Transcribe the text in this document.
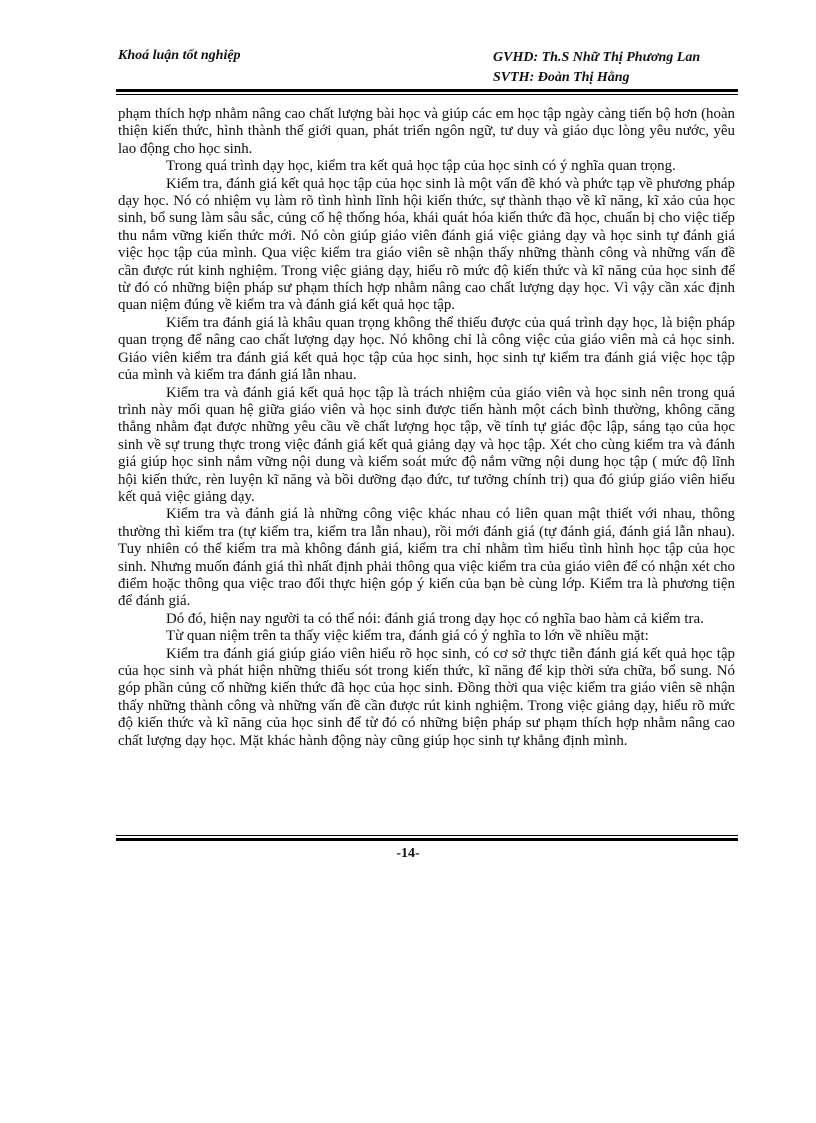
Khoá luận tốt nghiệp	GVHD: Th.S Nhữ Thị Phương Lan
SVTH: Đoàn Thị Hằng

phạm thích hợp nhằm nâng cao chất lượng bài học và giúp các em học tập ngày càng tiến bộ hơn (hoàn thiện kiến thức, hình thành thế giới quan, phát triển ngôn ngữ, tư duy và giáo dục lòng yêu nước, yêu lao động cho học sinh.

Trong quá trình dạy học, kiểm tra kết quả học tập của học sinh có ý nghĩa quan trọng.

Kiểm tra, đánh giá kết quả học tập của học sinh là một vấn đề khó và phức tạp về phương pháp dạy học. Nó có nhiệm vụ làm rõ tình hình lĩnh hội kiến thức, sự thành thạo về kĩ năng, kĩ xảo của học sinh, bổ sung làm sâu sắc, củng cố hệ thống hóa, khái quát hóa kiến thức đã học, chuẩn bị cho việc tiếp thu nắm vững kiến thức mới. Nó còn giúp giáo viên đánh giá việc giảng dạy và học sinh tự đánh giá việc học tập của mình. Qua việc kiểm tra giáo viên sẽ nhận thấy những thành công và những vấn đề cần được rút kinh nghiệm. Trong việc giảng dạy, hiểu rõ mức độ kiến thức và kĩ năng của học sinh để từ đó có những biện pháp sư phạm thích hợp nhằm nâng cao chất lượng dạy học. Vì vậy cần xác định quan niệm đúng về kiểm tra và đánh giá kết quả học tập.

Kiểm tra đánh giá là khâu quan trọng không thể thiếu được của quá trình dạy học, là biện pháp quan trọng để nâng cao chất lượng dạy học. Nó không chỉ là công việc của giáo viên mà cả học sinh. Giáo viên kiểm tra đánh giá kết quả học tập của học sinh, học sinh tự kiểm tra đánh giá việc học tập của mình và kiểm tra đánh giá lẫn nhau.

Kiểm tra và đánh giá kết quả học tập là trách nhiệm của giáo viên và học sinh nên trong quá trình này mối quan hệ giữa giáo viên và học sinh được tiến hành một cách bình thường, không căng thẳng nhằm đạt được những yêu cầu về chất lượng học tập, về tính tự giác độc lập, sáng tạo của học sinh về sự trung thực trong việc đánh giá kết quả giảng dạy và học tập. Xét cho cùng kiểm tra và đánh giá giúp học sinh nắm vững nội dung và kiểm soát mức độ nắm vững nội dung học tập ( mức độ lĩnh hội kiến thức, rèn luyện kĩ năng và bồi dưỡng đạo đức, tư tưởng chính trị) qua đó giúp giáo viên hiểu kết quả việc giảng dạy.

Kiểm tra và đánh giá là những công việc khác nhau có liên quan mật thiết với nhau, thông thường thì kiểm tra (tự kiểm tra, kiểm tra lẫn nhau), rồi mới đánh giá (tự đánh giá, đánh giá lẫn nhau). Tuy nhiên có thể kiểm tra mà không đánh giá, kiểm tra chỉ nhằm tìm hiểu tình hình học tập của học sinh. Nhưng muốn đánh giá thì nhất định phải thông qua việc kiểm tra của giáo viên để có nhận xét cho điểm hoặc thông qua việc trao đổi thực hiện góp ý kiến của bạn bè cùng lớp. Kiểm tra là phương tiện để đánh giá.

Dó đó, hiện nay người ta có thể nói: đánh giá trong dạy học có nghĩa bao hàm cả kiểm tra.

Từ quan niệm trên ta thấy việc kiểm tra, đánh giá có ý nghĩa to lớn về nhiều mặt:

Kiểm tra đánh giá giúp giáo viên hiểu rõ học sinh, có cơ sở thực tiễn đánh giá kết quả học tập của học sinh và phát hiện những thiếu sót trong kiến thức, kĩ năng để kịp thời sửa chữa, bổ sung. Nó góp phần củng cố những kiến thức đã học của học sinh. Đồng thời qua việc kiểm tra giáo viên sẽ nhận thấy những thành công và những vấn đề cần được rút kinh nghiệm. Trong việc giảng dạy, hiểu rõ mức độ kiến thức và kĩ năng của học sinh để từ đó có những biện pháp sư phạm thích hợp nhằm nâng cao chất lượng dạy học. Mặt khác hành động này cũng giúp học sinh tự khẳng định mình.

-14-
